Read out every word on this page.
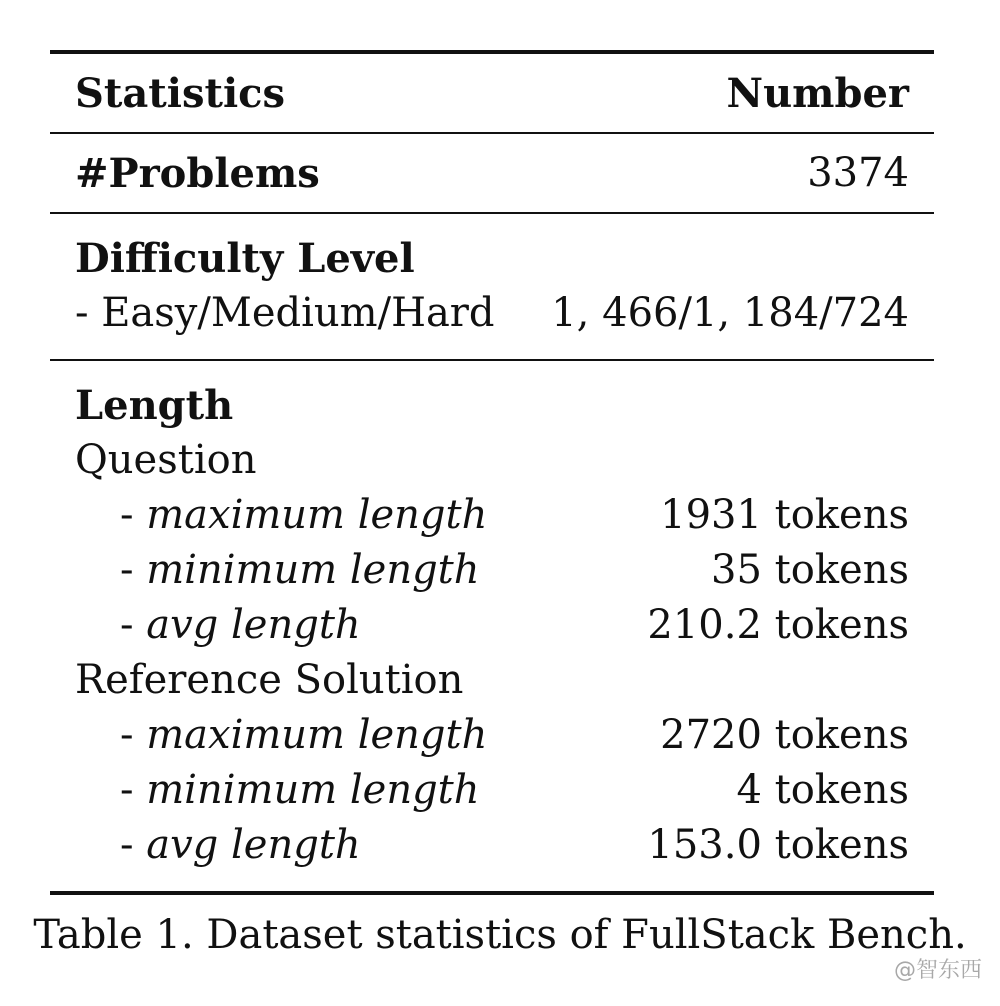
Statistics	Number
#Problems	3374
Difficulty Level
- Easy/Medium/Hard 1, 466/1, 184/724
Length
Question
- maximum length	1931 tokens
- minimum length	35 tokens
- avg length	210.2 tokens
Reference Solution
- maximum length	2720 tokens
- minimum length	4 tokens
- avg length	153.0 tokens
Table 1. Dataset statistics of FullStack Bench.
@智东西
